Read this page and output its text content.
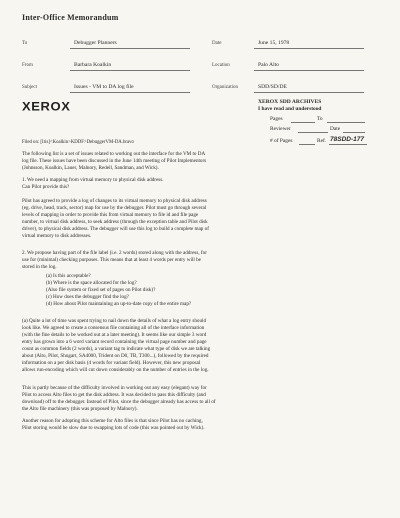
Inter-Office Memorandum
To	Debugger Planners	Date	June 15, 1978
From	Barbara Koalkin	Location	Palo Alto
Subject	Issues - VM to DA log file	Organization	SDD/SD/DE
XEROX	XEROX SDD ARCHIVES
I have read and understood
Pages	To
Reviewer	Date
# of Pages	Ref. 78SDD-177
Filed on: [Iris]<Koalkin>KDDF>DebuggerVM-DA.bravo

The following list is a set of issues related to working out the interface for the VM to DA

log file. These issues have been discussed in the June 14th meeting of Pilot Implementors

(Johnsson, Koalkin, Lauer, Malnory, Redell, Sandman, and Wick).

1. We need a mapping from virtual memory to physical disk address.

Can Pilot provide this?

Pilot has agreed to provide a log of changes to its virtual memory to physical disk address

(eg. drive, head, track, sector) map for use by the debugger. Pilot must go through several

levels of mapping in order to provide this from virtual memory to file id and file page

number, to virtual disk address, to seek address (through the exception table and Pilot disk

driver), to physical disk address. The debugger will use this log to build a complete map of

virtual memory to disk addresses.

2. We propose having part of the file label (i.e. 2 words) stored along with the address, for

use for (minimal) checking purposes. This means that at least 4 words per entry will be

stored in the log.

(a) Is this acceptable?

(b) Where is the space allocated for the log?

(Also file system or fixed set of pages on Pilot disk)?

(c) How does the debugger find the log?

(d) How about Pilot maintaining an up-to-date copy of the entire map?

(a) Quite a lot of time was spent trying to nail down the details of what a log entry should

look like. We agreed to create a consensus file containing all of the interface information

(with the fine details to be worked out at a later meeting). It seems like our simple 3 word

entry has grown into a 6 word variant record containing the virtual page number and page

count as common fields (2 words), a variant tag to indicate what type of disk we are talking

about (Alto, Pilot, Shugart, SA4000, Trident on D0, TB, T300...), followed by the required

information on a per disk basis (4 words for variant field). However, this new proposal

allows run-encoding which will cut down considerably on the number of entries in the log.

This is partly because of the difficulty involved in working out any easy (elegant) way for

Pilot to access Alto files to get the disk address. It was decided to pass this difficulty (and

download) off to the debugger. Instead of Pilot, since the debugger already has access to all of

the Alto file machinery (this was proposed by Malnory).

Another reason for adopting this scheme for Alto files is that since Pilot has no caching,

Pilot storing would be slow due to swapping lots of code (this was pointed out by Wick).
